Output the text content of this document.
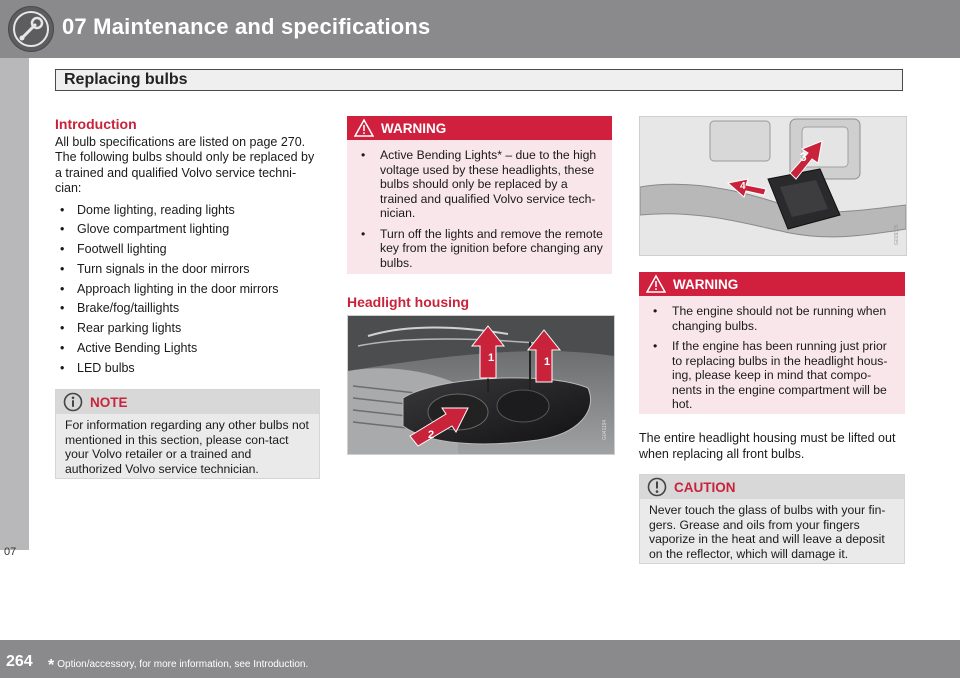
07 Maintenance and specifications
Replacing bulbs
07
Introduction

All bulb specifications are listed on page 270. The following bulbs should only be replaced by a trained and qualified Volvo service techni-cian:

• Dome lighting, reading lights
• Glove compartment lighting
• Footwell lighting
• Turn signals in the door mirrors
• Approach lighting in the door mirrors
• Brake/fog/taillights
• Rear parking lights
• Active Bending Lights
• LED bulbs
NOTE
For information regarding any other bulbs not mentioned in this section, please con-tact your Volvo retailer or a trained and authorized Volvo service technician.
WARNING
• Active Bending Lights* – due to the high voltage used by these headlights, these bulbs should only be replaced by a trained and qualified Volvo service tech-nician.
• Turn off the lights and remove the remote key from the ignition before changing any bulbs.
Headlight housing
1	1
2	G041194
3
4
G019335
WARNING
• The engine should not be running when changing bulbs.
• If the engine has been running just prior to replacing bulbs in the headlight hous-ing, please keep in mind that compo-nents in the engine compartment will be hot.

The entire headlight housing must be lifted out when replacing all front bulbs.

CAUTION
Never touch the glass of bulbs with your fin-gers. Grease and oils from your fingers vaporize in the heat and will leave a deposit on the reflector, which will damage it.
264 * Option/accessory, for more information, see Introduction.
